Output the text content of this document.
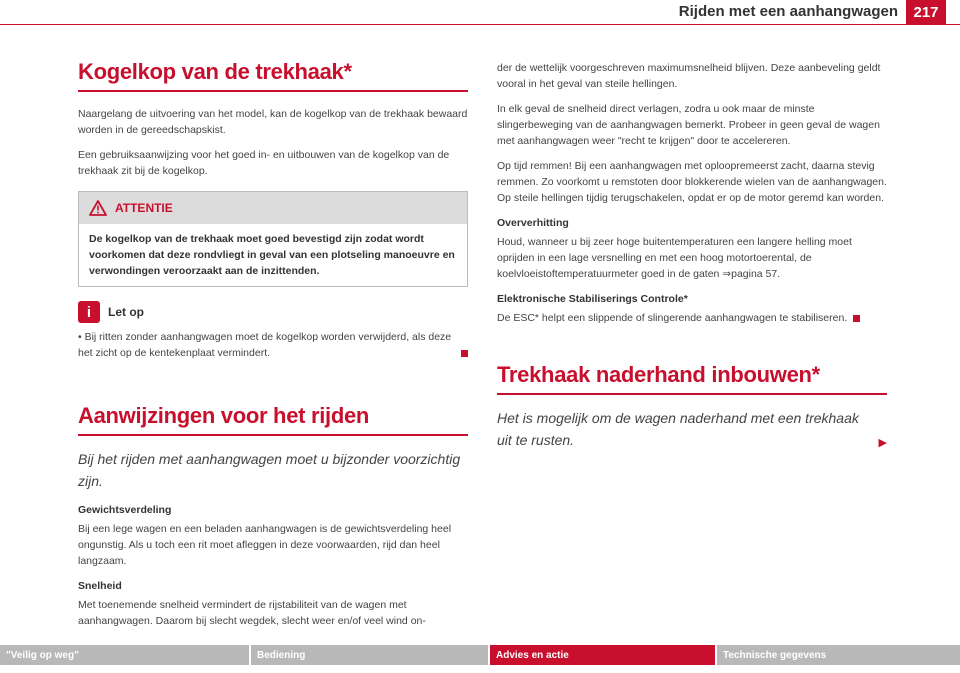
Rijden met een aanhangwagen	217
Kogelkop van de trekhaak*

Naargelang de uitvoering van het model, kan de kogelkop van de trekhaak bewaard worden in de gereedschapskist.

Een gebruiksaanwijzing voor het goed in- en uitbouwen van de kogelkop van de trekhaak zit bij de kogelkop.

ATTENTIE
De kogelkop van de trekhaak moet goed bevestigd zijn zodat wordt voorkomen dat deze rondvliegt in geval van een plotseling manoeuvre en verwondingen veroorzaakt aan de inzittenden.
i	Let op

• Bij ritten zonder aanhangwagen moet de kogelkop worden verwijderd, als deze het zicht op de kentekenplaat vermindert.

Aanwijzingen voor het rijden
Bij het rijden met aanhangwagen moet u bijzonder voorzichtig zijn.

Gewichtsverdeling

Bij een lege wagen en een beladen aanhangwagen is de gewichtsverdeling heel ongunstig. Als u toch een rit moet afleggen in deze voorwaarden, rijd dan heel langzaam.

Snelheid

Met toenemende snelheid vermindert de rijstabiliteit van de wagen met aanhangwagen. Daarom bij slecht wegdek, slecht weer en/of veel wind on-

der de wettelijk voorgeschreven maximumsnelheid blijven. Deze aanbeveling geldt vooral in het geval van steile hellingen.

In elk geval de snelheid direct verlagen, zodra u ook maar de minste slingerbeweging van de aanhangwagen bemerkt. Probeer in geen geval de wagen met aanhangwagen weer "recht te krijgen" door te accelereren.

Op tijd remmen! Bij een aanhangwagen met oploopremeerst zacht, daarna stevig remmen. Zo voorkomt u remstoten door blokkerende wielen van de aanhangwagen. Op steile hellingen tijdig terugschakelen, opdat er op de motor geremd kan worden.

Oververhitting

Houd, wanneer u bij zeer hoge buitentemperaturen een langere helling moet oprijden in een lage versnelling en met een hoog motortoerental, de koelvloeistoftemperatuurmeter goed in de gaten ⇒pagina 57.

Elektronische Stabiliserings Controle*

De ESC* helpt een slippende of slingerende aanhangwagen te stabiliseren.

Trekhaak naderhand inbouwen*
Het is mogelijk om de wagen naderhand met een trekhaak uit te rusten.	▶
"Veilig op weg"	Bediening	Advies en actie	Technische gegevens
